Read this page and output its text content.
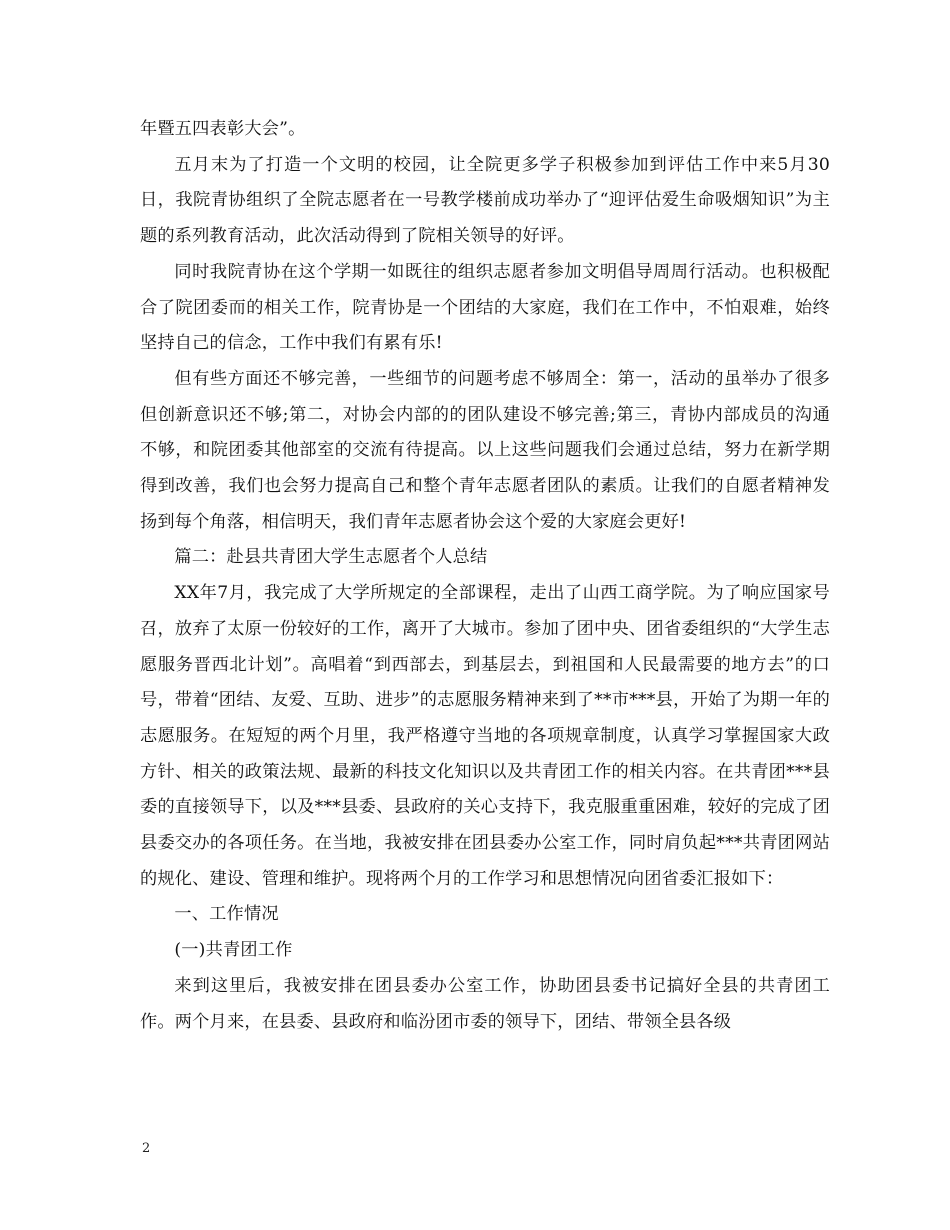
年暨五四表彰大会”。

五月末为了打造一个文明的校园，让全院更多学子积极参加到评估工作中来5月30日，我院青协组织了全院志愿者在一号教学楼前成功举办了“迎评估爱生命吸烟知识”为主题的系列教育活动，此次活动得到了院相关领导的好评。

同时我院青协在这个学期一如既往的组织志愿者参加文明倡导周周行活动。也积极配合了院团委而的相关工作，院青协是一个团结的大家庭，我们在工作中，不怕艰难，始终坚持自己的信念，工作中我们有累有乐!

但有些方面还不够完善，一些细节的问题考虑不够周全：第一，活动的虽举办了很多但创新意识还不够;第二，对协会内部的的团队建设不够完善;第三，青协内部成员的沟通不够，和院团委其他部室的交流有待提高。以上这些问题我们会通过总结，努力在新学期得到改善，我们也会努力提高自己和整个青年志愿者团队的素质。让我们的自愿者精神发扬到每个角落，相信明天，我们青年志愿者协会这个爱的大家庭会更好!

篇二：赴县共青团大学生志愿者个人总结

XX年7月，我完成了大学所规定的全部课程，走出了山西工商学院。为了响应国家号召，放弃了太原一份较好的工作，离开了大城市。参加了团中央、团省委组织的“大学生志愿服务晋西北计划”。高唱着“到西部去，到基层去，到祖国和人民最需要的地方去”的口号，带着“团结、友爱、互助、进步”的志愿服务精神来到了**市***县，开始了为期一年的志愿服务。在短短的两个月里，我严格遵守当地的各项规章制度，认真学习掌握国家大政方针、相关的政策法规、最新的科技文化知识以及共青团工作的相关内容。在共青团***县委的直接领导下，以及***县委、县政府的关心支持下，我克服重重困难，较好的完成了团县委交办的各项任务。在当地，我被安排在团县委办公室工作，同时肩负起***共青团网站的规化、建设、管理和维护。现将两个月的工作学习和思想情况向团省委汇报如下：

一、工作情况

(一)共青团工作

来到这里后，我被安排在团县委办公室工作，协助团县委书记搞好全县的共青团工作。两个月来，在县委、县政府和临汾团市委的领导下，团结、带领全县各级

2
